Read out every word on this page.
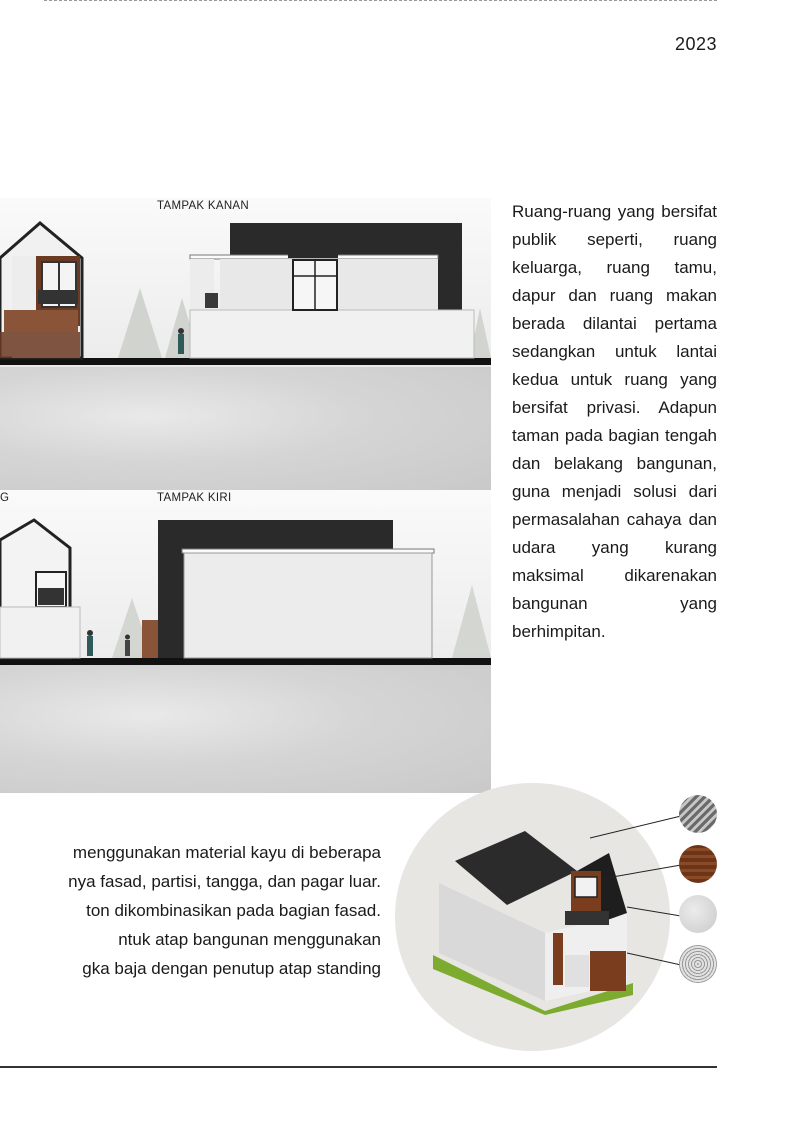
2023
TAMPAK KANAN
G	TAMPAK KIRI
Ruang-ruang yang bersifat publik seperti, ruang keluarga, ruang tamu, dapur dan ruang makan berada dilantai pertama sedangkan untuk lantai kedua untuk ruang yang bersifat privasi. Adapun taman pada bagian tengah dan belakang bangunan, guna menjadi solusi dari permasalahan cahaya dan udara yang kurang maksimal dikarenakan bangunan yang berhimpitan.
menggunakan material kayu di beberapa
nya fasad, partisi, tangga, dan pagar luar.
ton dikombinasikan pada bagian fasad.
ntuk atap bangunan menggunakan
gka baja dengan penutup atap standing
